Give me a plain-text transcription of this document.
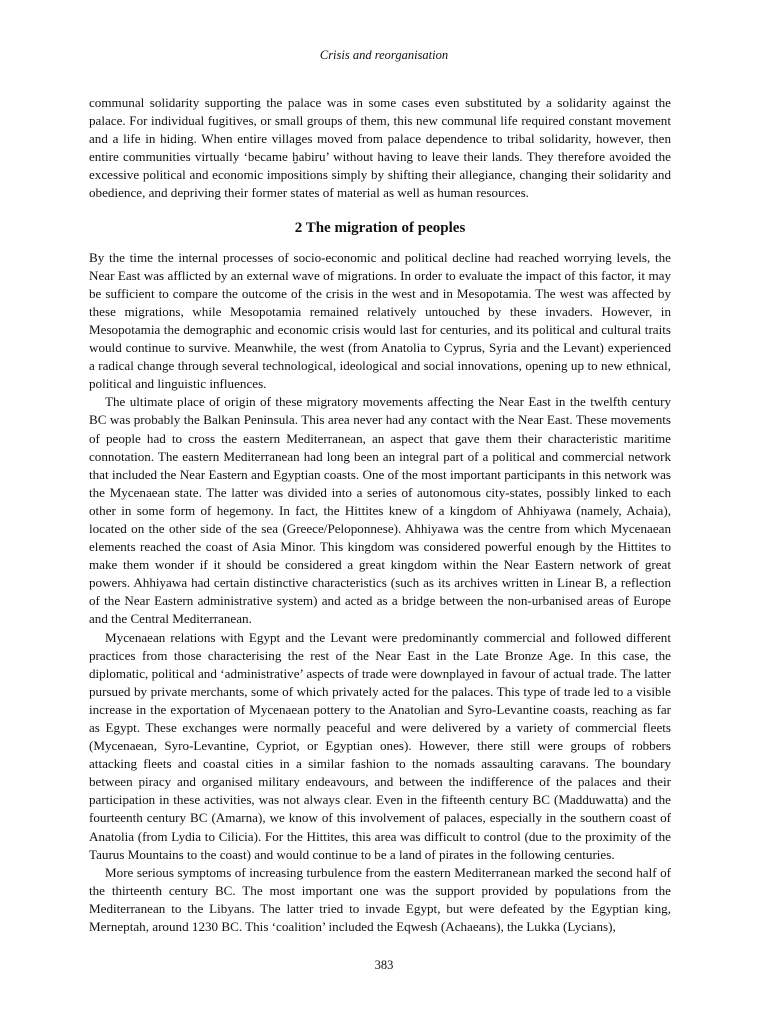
Crisis and reorganisation

communal solidarity supporting the palace was in some cases even substituted by a solidarity against the palace. For individual fugitives, or small groups of them, this new communal life required constant movement and a life in hiding. When entire villages moved from palace dependence to tribal solidarity, however, then entire communities virtually ‘became ḫabiru’ without having to leave their lands. They therefore avoided the excessive political and economic impositions simply by shifting their allegiance, changing their solidarity and obedience, and depriving their former states of material as well as human resources.

2 The migration of peoples

By the time the internal processes of socio-economic and political decline had reached worrying levels, the Near East was afflicted by an external wave of migrations. In order to evaluate the impact of this factor, it may be sufficient to compare the outcome of the crisis in the west and in Mesopotamia. The west was affected by these migrations, while Mesopotamia remained relatively untouched by these invaders. However, in Mesopotamia the demographic and economic crisis would last for centuries, and its political and cultural traits would continue to survive. Meanwhile, the west (from Anatolia to Cyprus, Syria and the Levant) experienced a radical change through several technological, ideological and social innovations, opening up to new ethnical, political and linguistic influences.

The ultimate place of origin of these migratory movements affecting the Near East in the twelfth century BC was probably the Balkan Peninsula. This area never had any contact with the Near East. These movements of people had to cross the eastern Mediterranean, an aspect that gave them their characteristic maritime connotation. The eastern Mediterranean had long been an integral part of a political and commercial network that included the Near Eastern and Egyptian coasts. One of the most important participants in this network was the Mycenaean state. The latter was divided into a series of autonomous city-states, possibly linked to each other in some form of hegemony. In fact, the Hittites knew of a kingdom of Ahhiyawa (namely, Achaia), located on the other side of the sea (Greece/Peloponnese). Ahhiyawa was the centre from which Mycenaean elements reached the coast of Asia Minor. This kingdom was considered powerful enough by the Hittites to make them wonder if it should be considered a great kingdom within the Near Eastern network of great powers. Ahhiyawa had certain distinctive characteristics (such as its archives written in Linear B, a reflection of the Near Eastern administrative system) and acted as a bridge between the non-urbanised areas of Europe and the Central Mediterranean.

Mycenaean relations with Egypt and the Levant were predominantly commercial and followed different practices from those characterising the rest of the Near East in the Late Bronze Age. In this case, the diplomatic, political and ‘administrative’ aspects of trade were downplayed in favour of actual trade. The latter pursued by private merchants, some of which privately acted for the palaces. This type of trade led to a visible increase in the exportation of Mycenaean pottery to the Anatolian and Syro-Levantine coasts, reaching as far as Egypt. These exchanges were normally peaceful and were delivered by a variety of commercial fleets (Mycenaean, Syro-Levantine, Cypriot, or Egyptian ones). However, there still were groups of robbers attacking fleets and coastal cities in a similar fashion to the nomads assaulting caravans. The boundary between piracy and organised military endeavours, and between the indifference of the palaces and their participation in these activities, was not always clear. Even in the fifteenth century BC (Madduwatta) and the fourteenth century BC (Amarna), we know of this involvement of palaces, especially in the southern coast of Anatolia (from Lydia to Cilicia). For the Hittites, this area was difficult to control (due to the proximity of the Taurus Mountains to the coast) and would continue to be a land of pirates in the following centuries.

More serious symptoms of increasing turbulence from the eastern Mediterranean marked the second half of the thirteenth century BC. The most important one was the support provided by populations from the Mediterranean to the Libyans. The latter tried to invade Egypt, but were defeated by the Egyptian king, Merneptah, around 1230 BC. This ‘coalition’ included the Eqwesh (Achaeans), the Lukka (Lycians),

383
